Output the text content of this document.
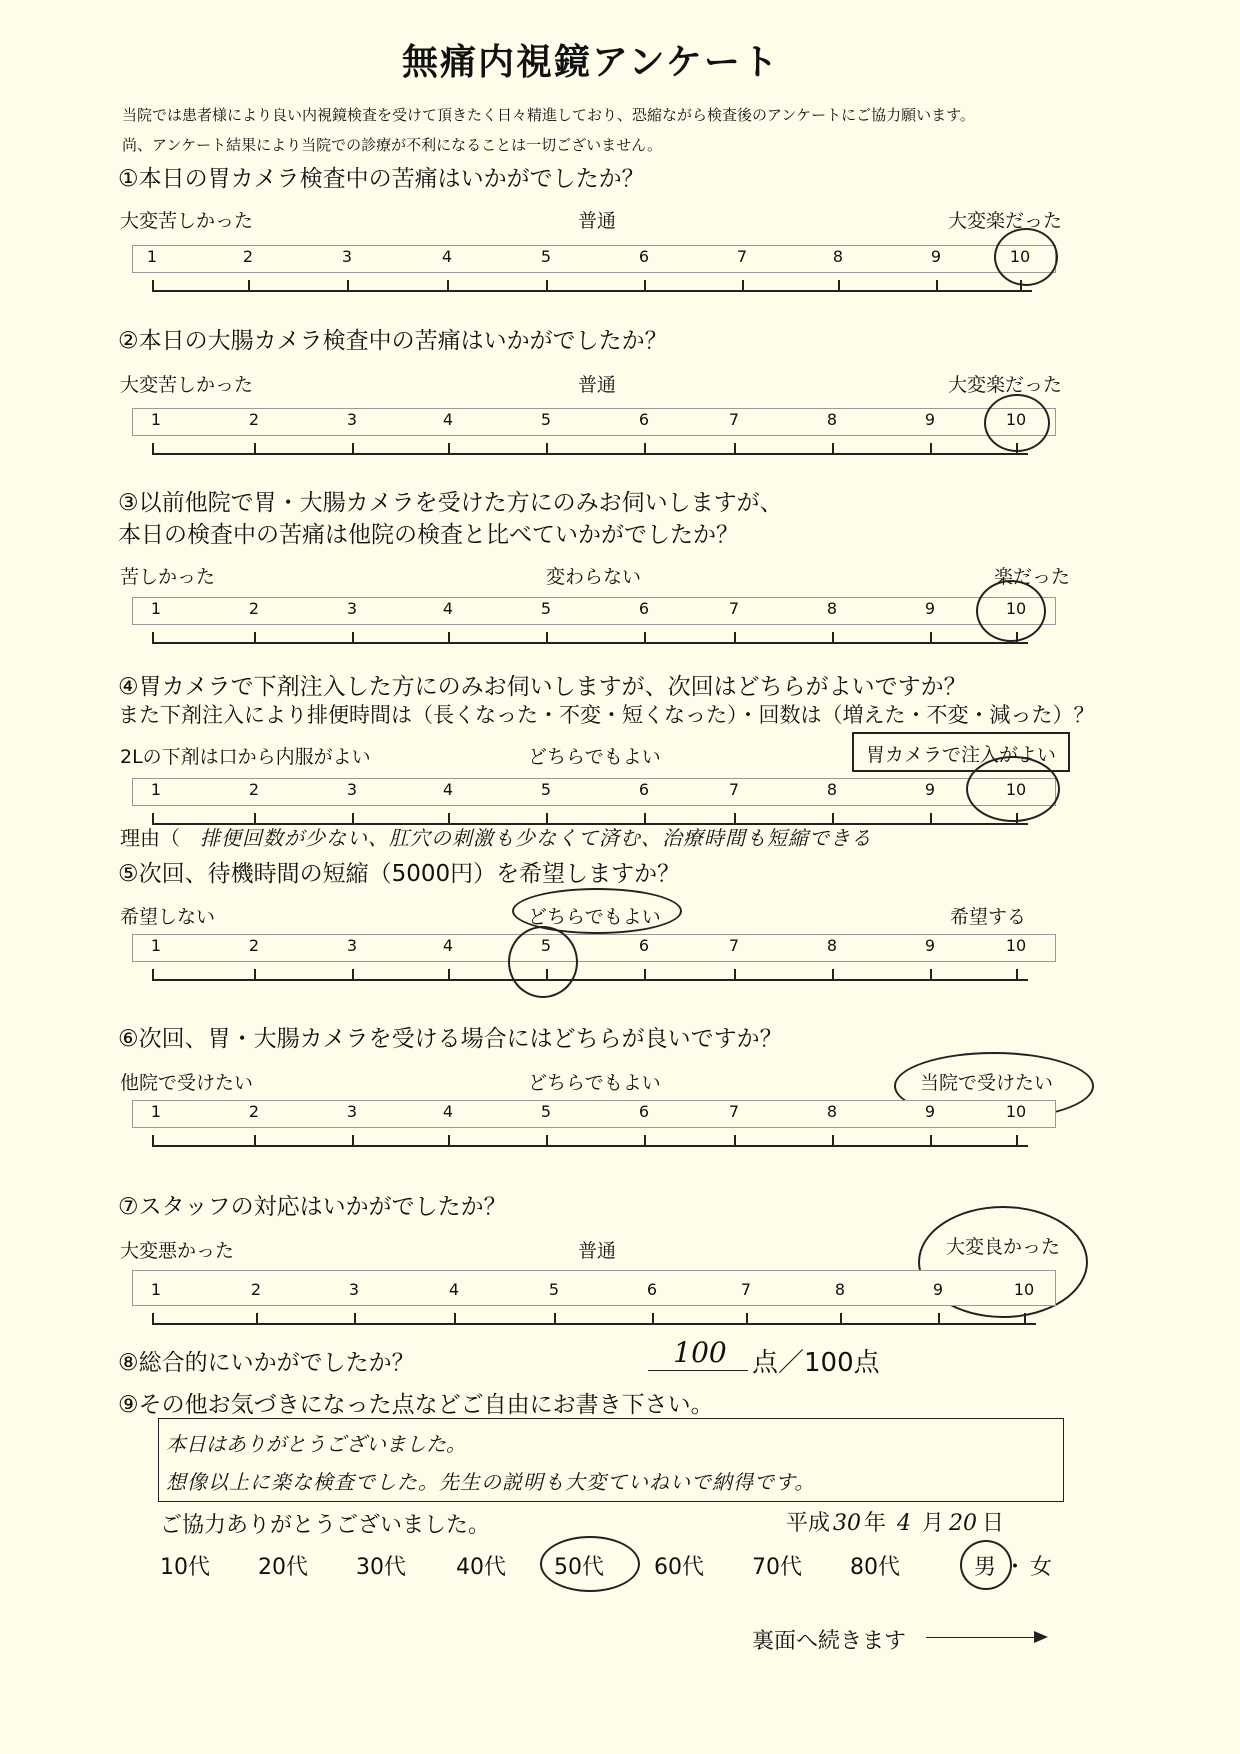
無痛内視鏡アンケート
当院では患者様により良い内視鏡検査を受けて頂きたく日々精進しており、恐縮ながら検査後のアンケートにご協力願います。
尚、アンケート結果により当院での診療が不利になることは一切ございません。
①本日の胃カメラ検査中の苦痛はいかがでしたか？
大変苦しかった	普通	大変楽だった
1	2	3	4	5	6	7	8	9	10
②本日の大腸カメラ検査中の苦痛はいかがでしたか？
大変苦しかった	普通	大変楽だった
1	2	3	4	5	6	7	8	9	10
③以前他院で胃・大腸カメラを受けた方にのみお伺いしますが、
本日の検査中の苦痛は他院の検査と比べていかがでしたか？
苦しかった	変わらない	楽だった
1	2	3	4	5	6	7	8	9	10
④胃カメラで下剤注入した方にのみお伺いしますが、次回はどちらがよいですか？
また下剤注入により排便時間は（長くなった・不変・短くなった）・回数は（増えた・不変・減った）？
2Lの下剤は口から内服がよい	どちらでもよい	胃カメラで注入がよい
1	2	3	4	5	6	7	8	9	10
理由（ 排便回数が少ない、肛穴の刺激も少なくて済む、治療時間も短縮できる
⑤次回、待機時間の短縮（5000円）を希望しますか？
希望しない	どちらでもよい	希望する
1	2	3	4	5	6	7	8	9	10
⑥次回、胃・大腸カメラを受ける場合にはどちらが良いですか？
他院で受けたい	どちらでもよい	当院で受けたい
1	2	3	4	5	6	7	8	9	10
⑦スタッフの対応はいかがでしたか？
大変悪かった	普通	大変良かった
1	2	3	4	5	6	7	8	9	10
⑧総合的にいかがでしたか？	100 点／100点
⑨その他お気づきになった点などご自由にお書き下さい。
本日はありがとうございました。
想像以上に楽な検査でした。先生の説明も大変ていねいで納得です。
ご協力ありがとうございました。	平成 30 年 4 月 20 日
10代 20代 30代 40代 50代 60代 70代 80代	男 ・ 女
裏面へ続きます
